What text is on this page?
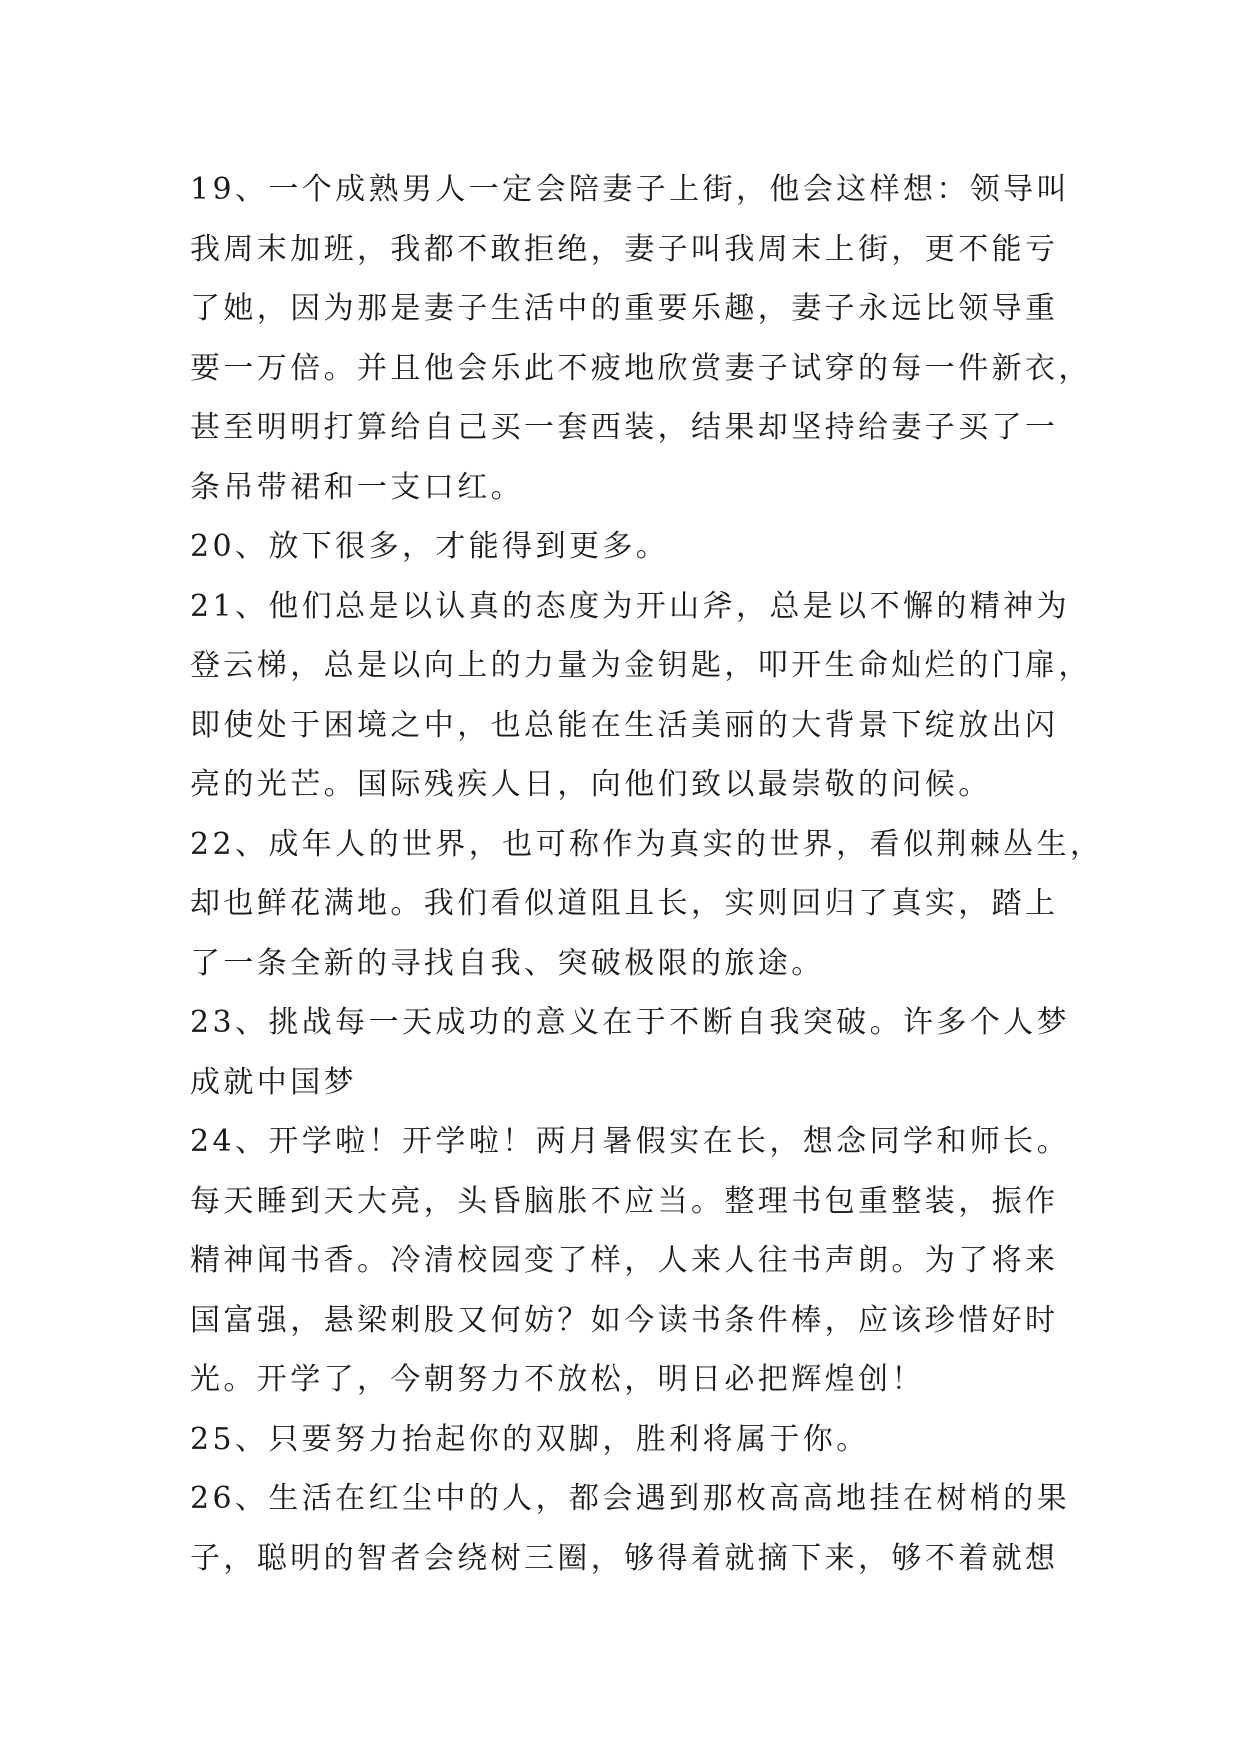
19、一个成熟男人一定会陪妻子上街，他会这样想：领导叫
我周末加班，我都不敢拒绝，妻子叫我周末上街，更不能亏
了她，因为那是妻子生活中的重要乐趣，妻子永远比领导重
要一万倍。并且他会乐此不疲地欣赏妻子试穿的每一件新衣，
甚至明明打算给自己买一套西装，结果却坚持给妻子买了一
条吊带裙和一支口红。
20、放下很多，才能得到更多。
21、他们总是以认真的态度为开山斧，总是以不懈的精神为
登云梯，总是以向上的力量为金钥匙，叩开生命灿烂的门扉，
即使处于困境之中，也总能在生活美丽的大背景下绽放出闪
亮的光芒。国际残疾人日，向他们致以最崇敬的问候。
22、成年人的世界，也可称作为真实的世界，看似荆棘丛生，
却也鲜花满地。我们看似道阻且长，实则回归了真实，踏上
了一条全新的寻找自我、突破极限的旅途。
23、挑战每一天成功的意义在于不断自我突破。许多个人梦
成就中国梦
24、开学啦！开学啦！两月暑假实在长，想念同学和师长。
每天睡到天大亮，头昏脑胀不应当。整理书包重整装，振作
精神闻书香。冷清校园变了样，人来人往书声朗。为了将来
国富强，悬梁刺股又何妨？如今读书条件棒，应该珍惜好时
光。开学了，今朝努力不放松，明日必把辉煌创！
25、只要努力抬起你的双脚，胜利将属于你。
26、生活在红尘中的人，都会遇到那枚高高地挂在树梢的果
子，聪明的智者会绕树三圈，够得着就摘下来，够不着就想
